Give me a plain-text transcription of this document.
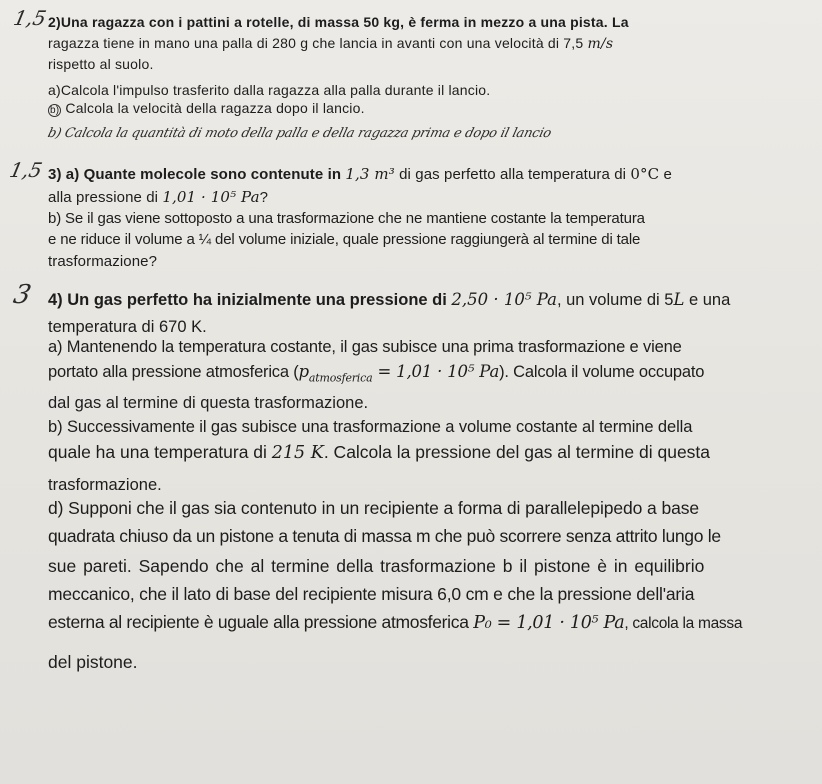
1,5
1,5
3
2)Una ragazza con i pattini a rotelle, di massa 50 kg, è ferma in mezzo a una pista. La
ragazza tiene in mano una palla di 280 g che lancia in avanti con una velocità di 7,5 m/s
rispetto al suolo.
a)Calcola l'impulso trasferito dalla ragazza alla palla durante il lancio.
b) Calcola la velocità della ragazza dopo il lancio.
b) Calcola la quantità di moto della palla e della ragazza prima e dopo il lancio
3) a) Quante molecole sono contenute in 1,3 m³ di gas perfetto alla temperatura di 0°C e
alla pressione di 1,01 · 10⁵ Pa?
b) Se il gas viene sottoposto a una trasformazione che ne mantiene costante la temperatura
e ne riduce il volume a ¼ del volume iniziale, quale pressione raggiungerà al termine di tale
trasformazione?
4) Un gas perfetto ha inizialmente una pressione di 2,50 · 10⁵ Pa, un volume di 5L e una
temperatura di 670 K.
a) Mantenendo la temperatura costante, il gas subisce una prima trasformazione e viene
portato alla pressione atmosferica ($p_{atmosferica} = 1,01 \cdot 10^5$ Pa). Calcola il volume occupato
dal gas al termine di questa trasformazione.
b) Successivamente il gas subisce una trasformazione a volume costante al termine della
quale ha una temperatura di 215 K. Calcola la pressione del gas al termine di questa
trasformazione.
d) Supponi che il gas sia contenuto in un recipiente a forma di parallelepipedo a base
quadrata chiuso da un pistone a tenuta di massa m che può scorrere senza attrito lungo le
sue pareti. Sapendo che al termine della trasformazione b il pistone è in equilibrio
meccanico, che il lato di base del recipiente misura 6,0 cm e che la pressione dell'aria
esterna al recipiente è uguale alla pressione atmosferica P₀ = 1,01 · 10⁵ Pa, calcola la massa
del pistone.
